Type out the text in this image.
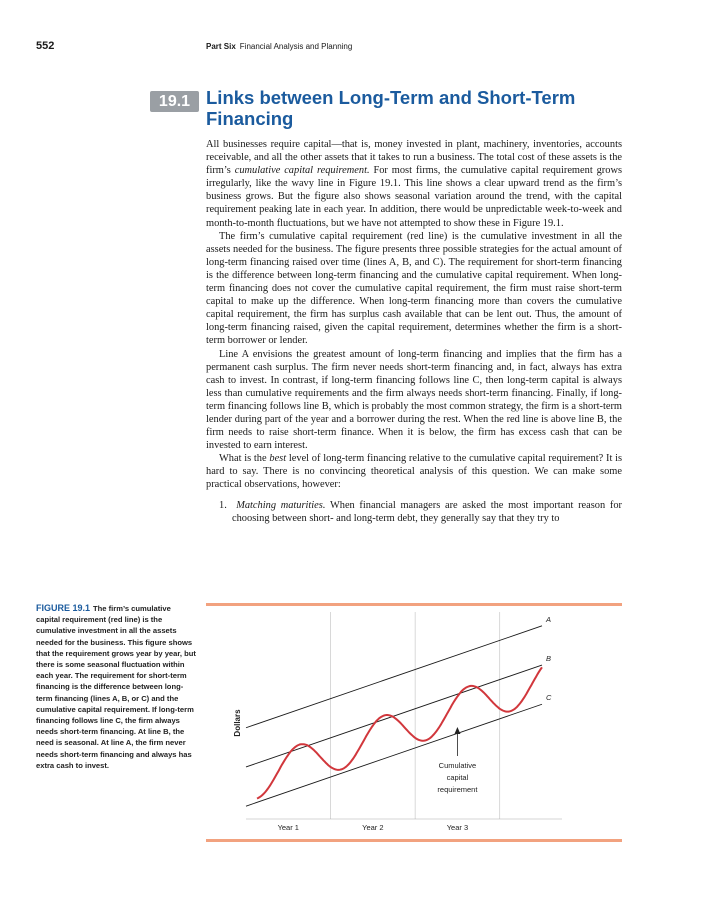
552	Part Six Financial Analysis and Planning
19.1 Links between Long-Term and Short-Term Financing

All businesses require capital—that is, money invested in plant, machinery, inventories, accounts receivable, and all the other assets that it takes to run a business. The total cost of these assets is the firm’s cumulative capital requirement. For most firms, the cumulative capital requirement grows irregularly, like the wavy line in Figure 19.1. This line shows a clear upward trend as the firm’s business grows. But the figure also shows seasonal variation around the trend, with the capital requirement peaking late in each year. In addition, there would be unpredictable week-to-week and month-to-month fluctuations, but we have not attempted to show these in Figure 19.1.

The firm’s cumulative capital requirement (red line) is the cumulative investment in all the assets needed for the business. The figure presents three possible strategies for the actual amount of long-term financing raised over time (lines A, B, and C). The requirement for short-term financing is the difference between long-term financing and the cumulative capital requirement. When long-term financing does not cover the cumulative capital requirement, the firm must raise short-term capital to make up the difference. When long-term financing more than covers the cumulative capital requirement, the firm has surplus cash available that can be lent out. Thus, the amount of long-term financing raised, given the capital requirement, determines whether the firm is a short-term borrower or lender.

Line A envisions the greatest amount of long-term financing and implies that the firm has a permanent cash surplus. The firm never needs short-term financing and, in fact, always has extra cash to invest. In contrast, if long-term financing follows line C, then long-term capital is always less than cumulative requirements and the firm always needs short-term financing. Finally, if long-term financing follows line B, which is probably the most common strategy, the firm is a short-term lender during part of the year and a borrower during the rest. When the red line is above line B, the firm needs to raise short-term finance. When it is below, the firm has excess cash that can be invested to earn interest.

What is the best level of long-term financing relative to the cumulative capital requirement? It is hard to say. There is no convincing theoretical analysis of this question. We can make some practical observations, however:

1. Matching maturities. When financial managers are asked the most important reason for choosing between short- and long-term debt, they generally say that they try to

FIGURE 19.1 The firm’s cumulative capital requirement (red line) is the cumulative investment in all the assets needed for the business. This figure shows that the requirement grows year by year, but there is some seasonal fluctuation within each year. The requirement for short-term financing is the difference between long-term financing (lines A, B, or C) and the cumulative capital requirement. If long-term financing follows line C, the firm always needs short-term financing. At line B, the need is seasonal. At line A, the firm never needs short-term financing and always has extra cash to invest.
Dollars
A
B
C
Year 1	Year 2	Year 3
Cumulative
capital
requirement
